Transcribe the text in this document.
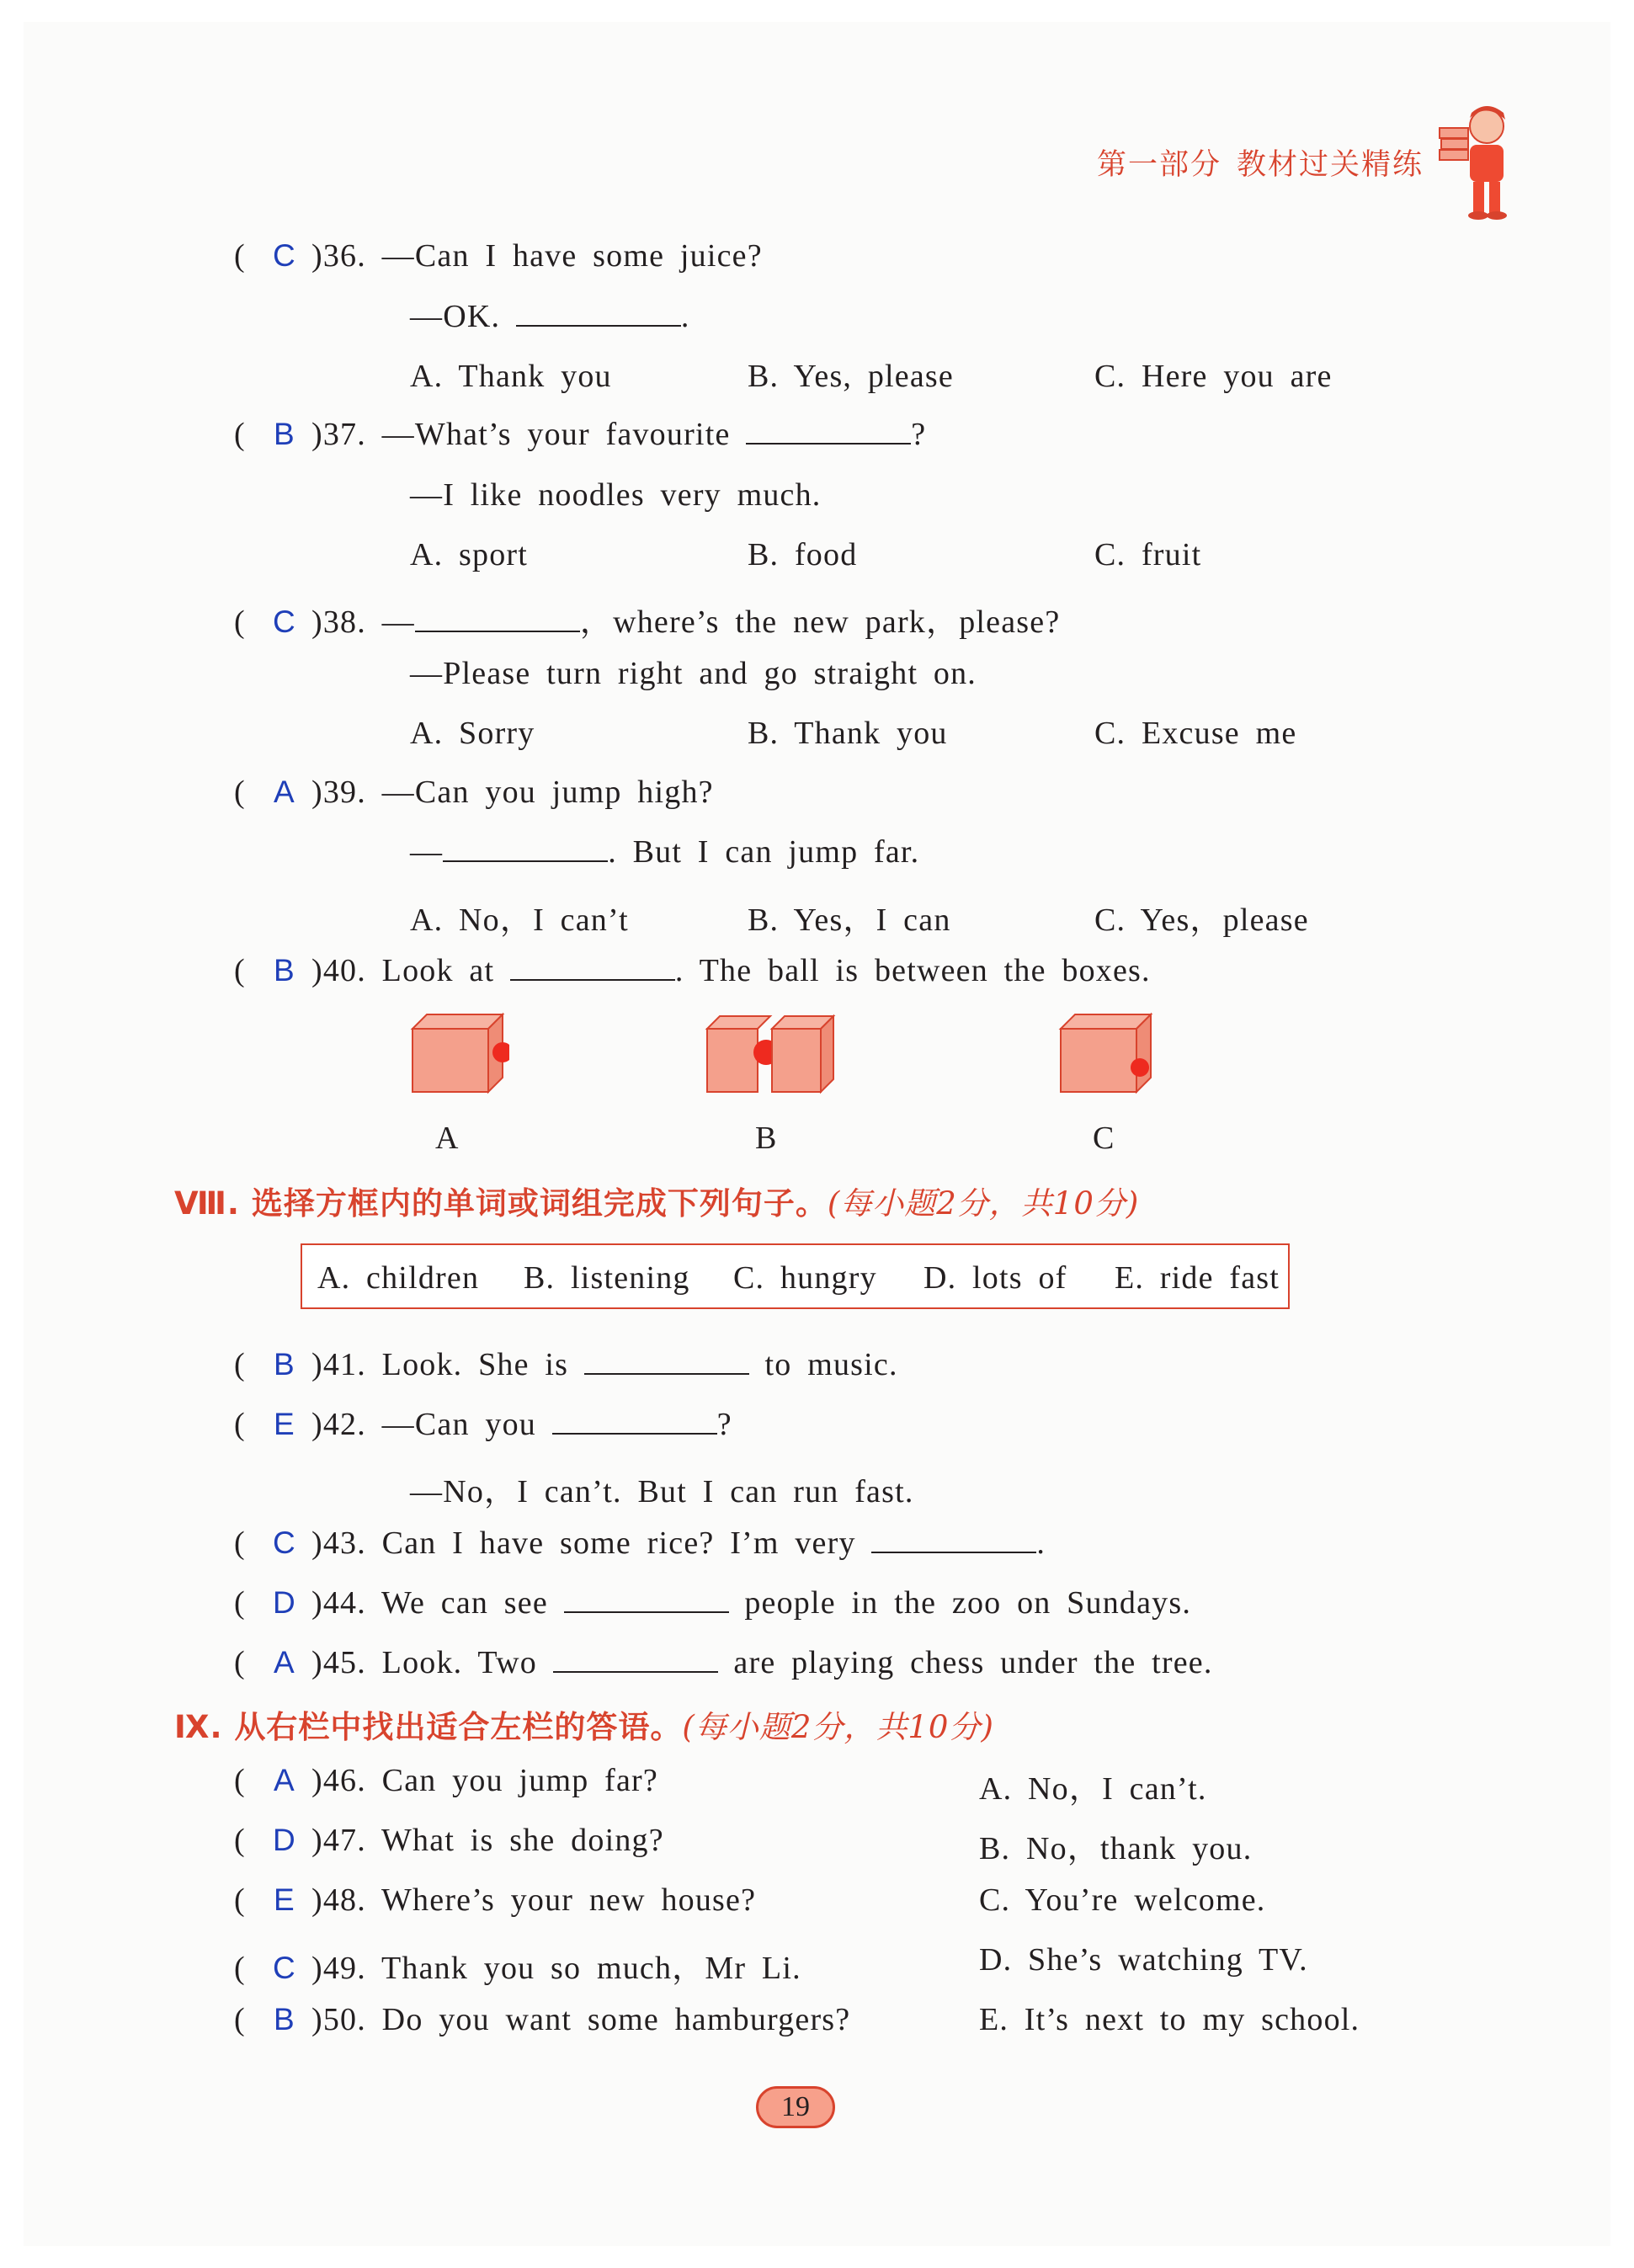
第一部分 教材过关精练
( C )36. —Can I have some juice?
—OK.	.
A. Thank you	B. Yes, please	C. Here you are
( B )37. —What’s your favourite	?
—I like noodles very much.
A. sport	B. food	C. fruit
( C )38. —	，where’s the new park，please?
—Please turn right and go straight on.
A. Sorry	B. Thank you	C. Excuse me
( A )39. —Can you jump high?
—	. But I can jump far.
A. No，I can’t	B. Yes，I can	C. Yes，please
( B )40. Look at	. The ball is between the boxes.
A	B	C
Ⅷ. 选择方框内的单词或词组完成下列句子。(每小题2分，共10分)
A. children B. listening C. hungry D. lots of E. ride fast
( B )41. Look. She is	to music.
( E )42. —Can you	?
—No，I can’t. But I can run fast.
( C )43. Can I have some rice? I’m very	.
( D )44. We can see	people in the zoo on Sundays.
( A )45. Look. Two	are playing chess under the tree.
Ⅸ. 从右栏中找出适合左栏的答语。(每小题2分，共10分)
( A )46. Can you jump far?	A. No，I can’t.
( D )47. What is she doing?	B. No，thank you.
( E )48. Where’s your new house?	C. You’re welcome.
( C )49. Thank you so much，Mr Li.	D. She’s watching TV.
( B )50. Do you want some hamburgers?	E. It’s next to my school.
19
